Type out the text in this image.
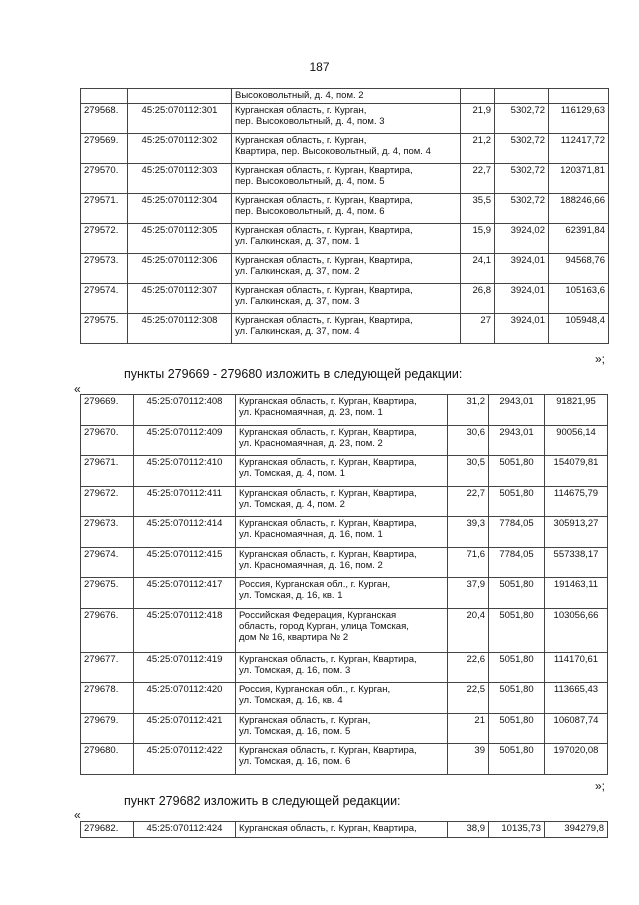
187
		Высоковольтный, д. 4, пом. 2			
279568.	45:25:070112:301	Курганская область, г. Курган,
пер. Высоковольтный, д. 4, пом. 3	21,9	5302,72	116129,63
279569.	45:25:070112:302	Курганская область, г. Курган,
Квартира, пер. Высоковольтный, д. 4, пом. 4	21,2	5302,72	112417,72
279570.	45:25:070112:303	Курганская область, г. Курган, Квартира,
пер. Высоковольтный, д. 4, пом. 5	22,7	5302,72	120371,81
279571.	45:25:070112:304	Курганская область, г. Курган, Квартира,
пер. Высоковольтный, д. 4, пом. 6	35,5	5302,72	188246,66
279572.	45:25:070112:305	Курганская область, г. Курган, Квартира,
ул. Галкинская, д. 37, пом. 1	15,9	3924,02	62391,84
279573.	45:25:070112:306	Курганская область, г. Курган, Квартира,
ул. Галкинская, д. 37, пом. 2	24,1	3924,01	94568,76
279574.	45:25:070112:307	Курганская область, г. Курган, Квартира,
ул. Галкинская, д. 37, пом. 3	26,8	3924,01	105163,6
279575.	45:25:070112:308	Курганская область, г. Курган, Квартира,
ул. Галкинская, д. 37, пом. 4	27	3924,01	105948,4
»;
пункты 279669 - 279680 изложить в следующей редакции:
«
279669.	45:25:070112:408	Курганская область, г. Курган, Квартира,
ул. Красномаячная, д. 23, пом. 1	31,2	2943,01	91821,95
279670.	45:25:070112:409	Курганская область, г. Курган, Квартира,
ул. Красномаячная, д. 23, пом. 2	30,6	2943,01	90056,14
279671.	45:25:070112:410	Курганская область, г. Курган, Квартира,
ул. Томская, д. 4, пом. 1	30,5	5051,80	154079,81
279672.	45:25:070112:411	Курганская область, г. Курган, Квартира,
ул. Томская, д. 4, пом. 2	22,7	5051,80	114675,79
279673.	45:25:070112:414	Курганская область, г. Курган, Квартира,
ул. Красномаячная, д. 16, пом. 1	39,3	7784,05	305913,27
279674.	45:25:070112:415	Курганская область, г. Курган, Квартира,
ул. Красномаячная, д. 16, пом. 2	71,6	7784,05	557338,17
279675.	45:25:070112:417	Россия, Курганская обл., г. Курган,
ул. Томская, д. 16, кв. 1	37,9	5051,80	191463,11
279676.	45:25:070112:418	Российская Федерация, Курганская
область, город Курган, улица Томская,
дом № 16, квартира № 2	20,4	5051,80	103056,66
279677.	45:25:070112:419	Курганская область, г. Курган, Квартира,
ул. Томская, д. 16, пом. 3	22,6	5051,80	114170,61
279678.	45:25:070112:420	Россия, Курганская обл., г. Курган,
ул. Томская, д. 16, кв. 4	22,5	5051,80	113665,43
279679.	45:25:070112:421	Курганская область, г. Курган,
ул. Томская, д. 16, пом. 5	21	5051,80	106087,74
279680.	45:25:070112:422	Курганская область, г. Курган, Квартира,
ул. Томская, д. 16, пом. 6	39	5051,80	197020,08
»;
пункт 279682 изложить в следующей редакции:
«
279682.	45:25:070112:424	Курганская область, г. Курган, Квартира,	38,9	10135,73	394279,8
